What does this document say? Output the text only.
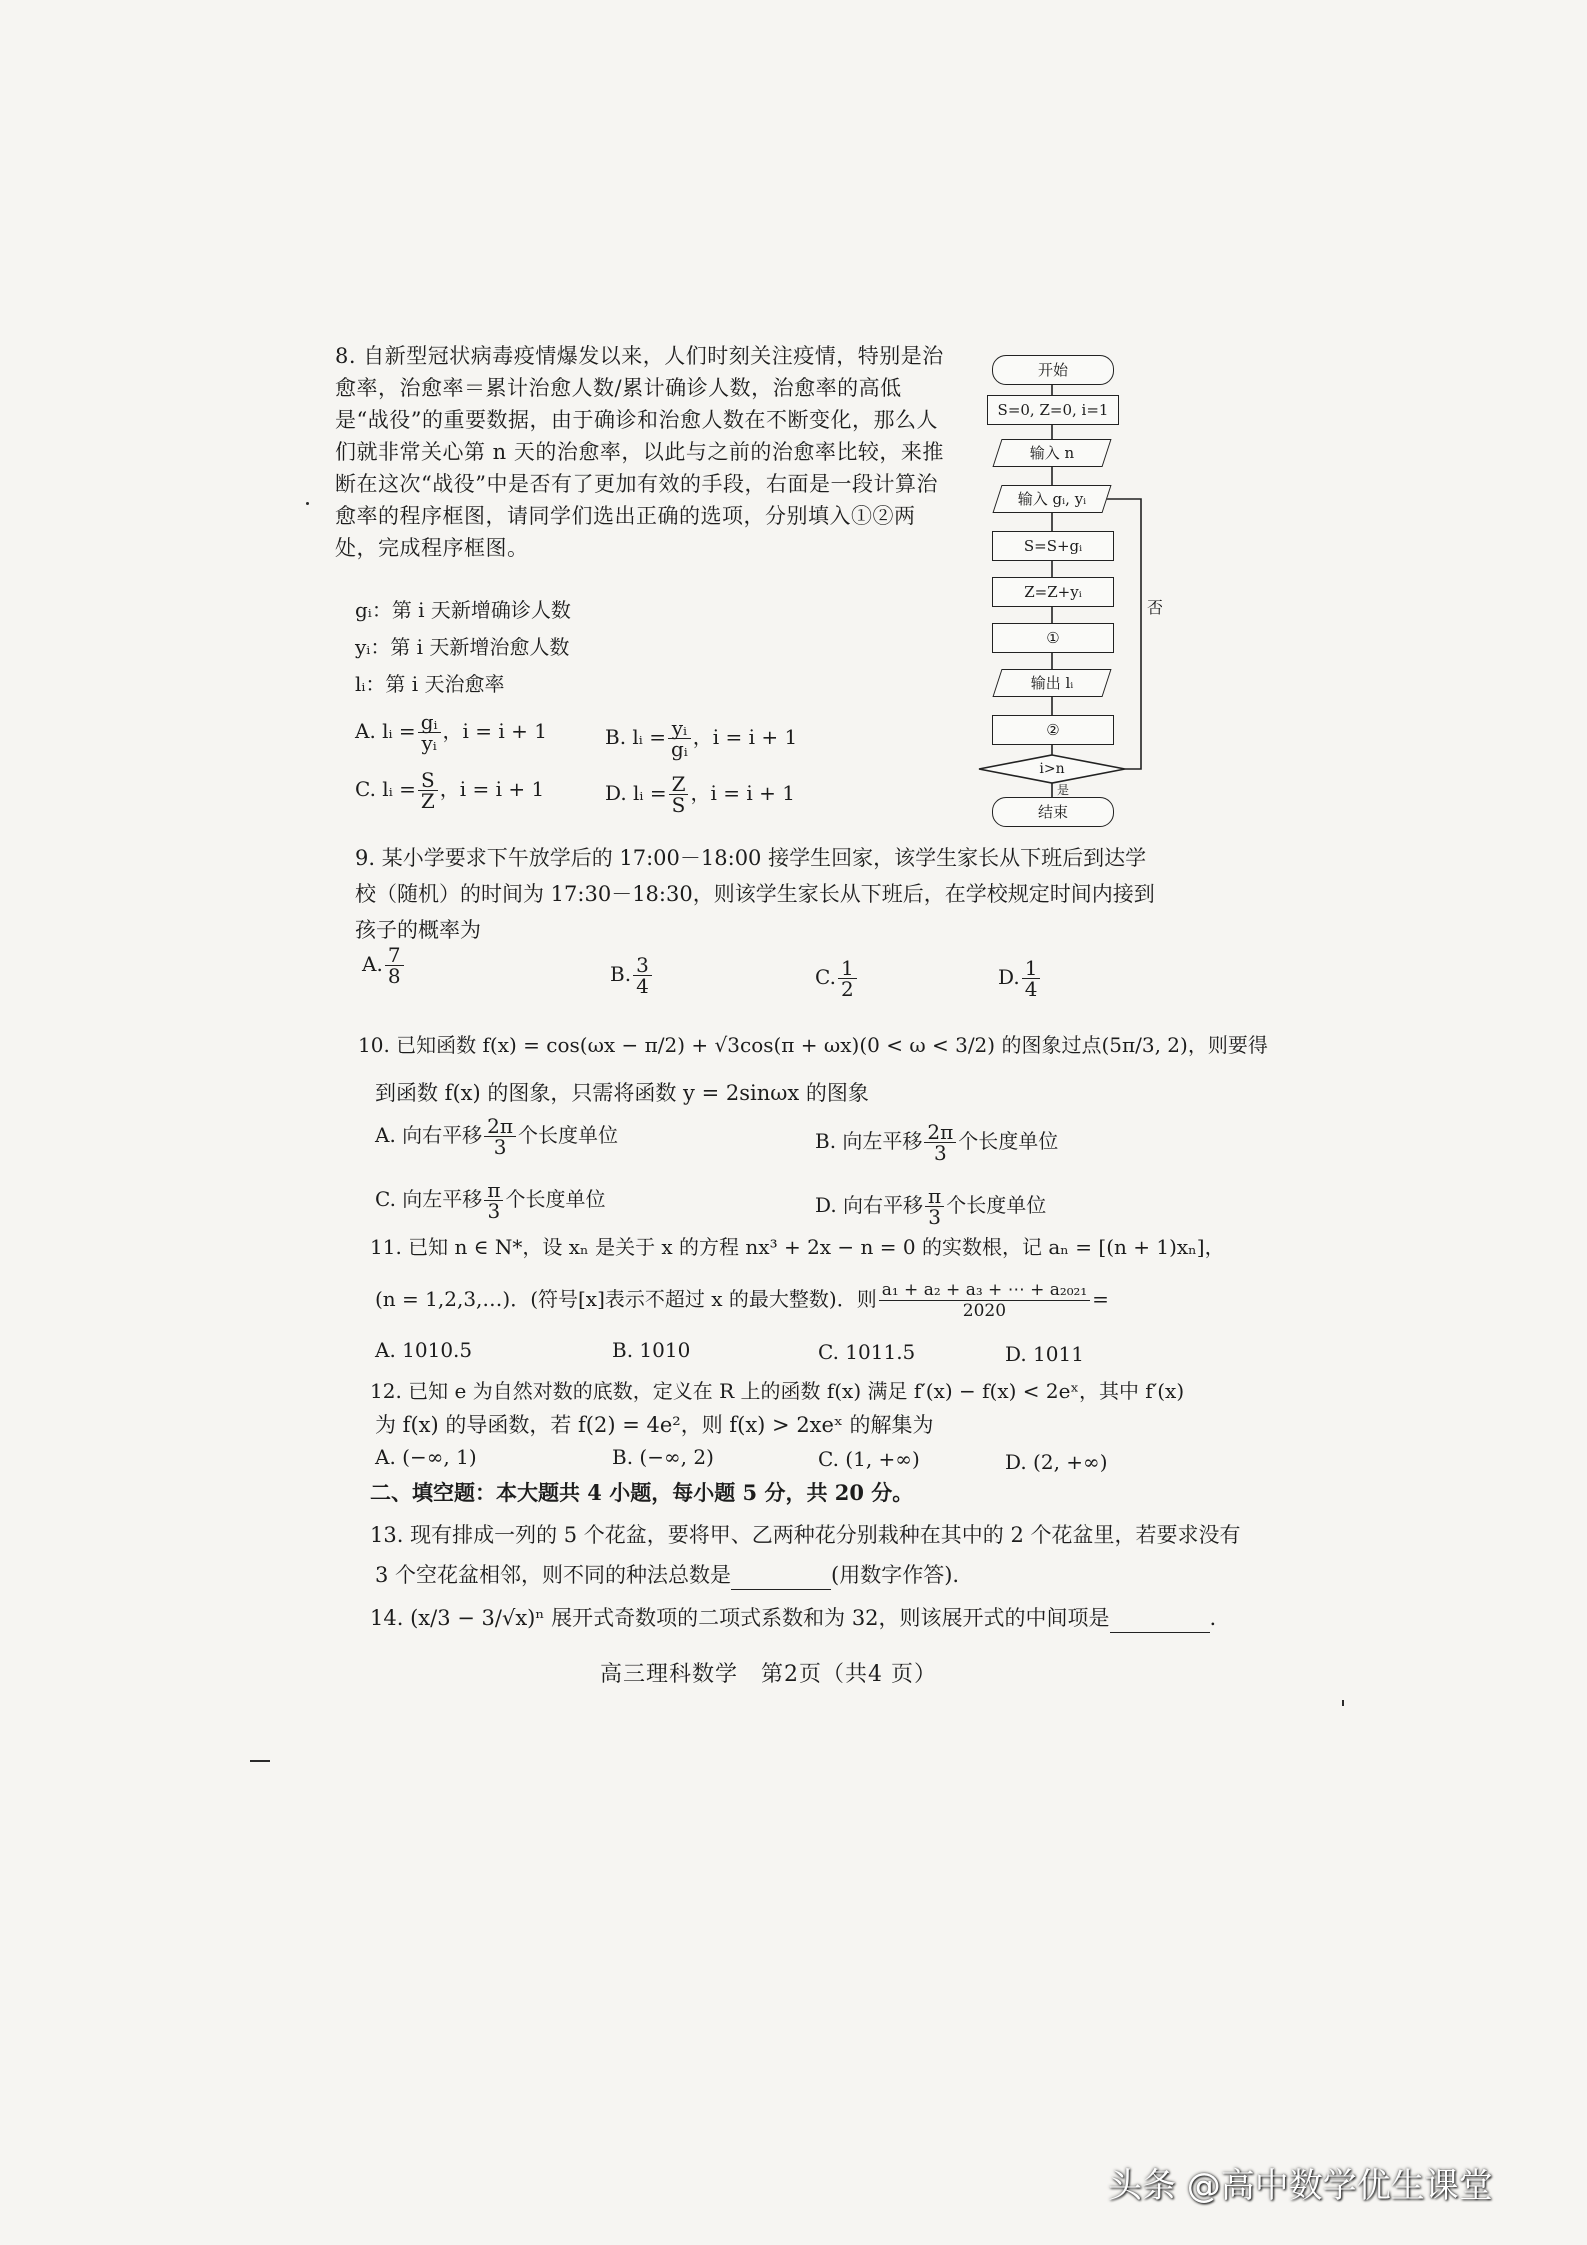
8. 自新型冠状病毒疫情爆发以来，人们时刻关注疫情，特别是治愈率，治愈率＝累计治愈人数/累计确诊人数，治愈率的高低是“战役”的重要数据，由于确诊和治愈人数在不断变化，那么人们就非常关心第 n 天的治愈率，以此与之前的治愈率比较，来推断在这次“战役”中是否有了更加有效的手段，右面是一段计算治愈率的程序框图，请同学们选出正确的选项，分别填入①②两处，完成程序框图。
gᵢ：第 i 天新增确诊人数
yᵢ：第 i 天新增治愈人数
lᵢ：第 i 天治愈率
A. lᵢ = $\frac{\text{gᵢ}}{\text{yᵢ}}$ ，i = i + 1	B. lᵢ = $\frac{\text{yᵢ}}{\text{gᵢ}}$ ，i = i + 1
C. lᵢ = $\frac{S}{Z}$ ，i = i + 1	D. lᵢ = $\frac{Z}{S}$ ，i = i + 1
开始
S=0, Z=0, i=1
输入 n
输入 gᵢ, yᵢ
S=S+gᵢ
Z=Z+yᵢ
①
输出 lᵢ
②
i>n
是
否
结束
9. 某小学要求下午放学后的 17:00－18:00 接学生回家，该学生家长从下班后到达学校（随机）的时间为 17:30－18:30，则该学生家长从下班后，在学校规定时间内接到孩子的概率为
A. $\frac{7}{8}$	B. $\frac{3}{4}$	C. $\frac{1}{2}$	D. $\frac{1}{4}$
10. 已知函数 f(x) = cos(ωx − π/2) + √3cos(π + ωx)(0 < ω < 3/2) 的图象过点(5π/3, 2)，则要得
到函数 f(x) 的图象，只需将函数 y = 2sinωx 的图象
A. 向右平移 $\frac{2\pi}{3}$ 个长度单位	B. 向左平移 $\frac{2\pi}{3}$ 个长度单位
C. 向左平移 $\frac{\pi}{3}$ 个长度单位	D. 向右平移 $\frac{\pi}{3}$ 个长度单位
11. 已知 n ∈ N*，设 xₙ 是关于 x 的方程 nx³ + 2x − n = 0 的实数根，记 aₙ = [(n + 1)xₙ]，
(n = 1,2,3,…)．(符号[x]表示不超过 x 的最大整数)．则 $\frac{\text{a₁ + a₂ + a₃ + ⋯ + a₂₀₂₁}}{2020}$ =
A. 1010.5	B. 1010	C. 1011.5	D. 1011
12. 已知 e 为自然对数的底数，定义在 R 上的函数 f(x) 满足 f′(x) − f(x) < 2eˣ，其中 f′(x)
为 f(x) 的导函数，若 f(2) = 4e²，则 f(x) > 2xeˣ 的解集为
A. (−∞, 1)	B. (−∞, 2)	C. (1, +∞)	D. (2, +∞)
二、填空题：本大题共 4 小题，每小题 5 分，共 20 分。
13. 现有排成一列的 5 个花盆，要将甲、乙两种花分别栽种在其中的 2 个花盆里，若要求没有
3 个空花盆相邻，则不同的种法总数是	(用数字作答).
14. (x/3 − 3/√x)ⁿ 展开式奇数项的二项式系数和为 32，则该展开式的中间项是	.
高三理科数学　第2页（共4 页）
头条 @高中数学优生课堂
